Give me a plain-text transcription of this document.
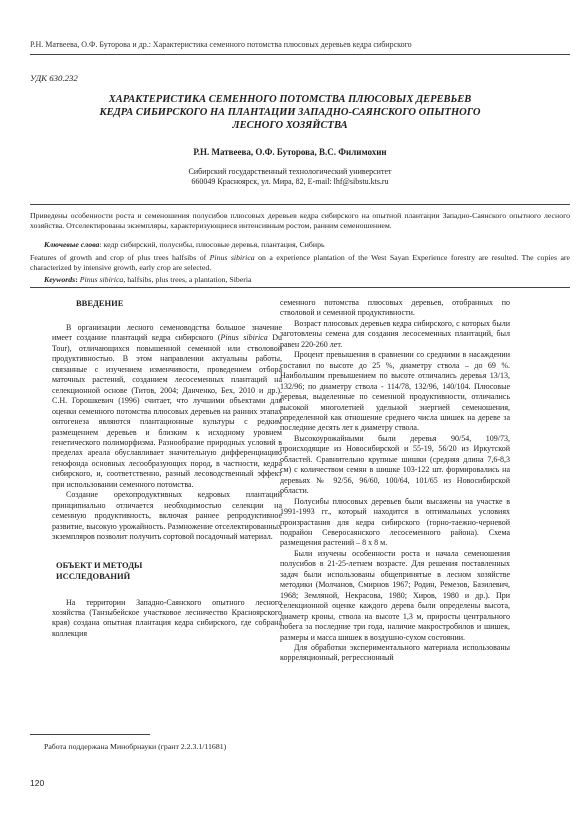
Р.Н. Матвеева, О.Ф. Буторова и др.: Характеристика семенного потомства плюсовых деревьев кедра сибирского
УДК 630.232
ХАРАКТЕРИСТИКА СЕМЕННОГО ПОТОМСТВА ПЛЮСОВЫХ ДЕРЕВЬЕВ
КЕДРА СИБИРСКОГО НА ПЛАНТАЦИИ ЗАПАДНО-САЯНСКОГО ОПЫТНОГО
ЛЕСНОГО ХОЗЯЙСТВА
Р.Н. Матвеева, О.Ф. Буторова, В.С. Филимохин
Сибирский государственный технологический университет
660049 Красноярск, ул. Мира, 82, E-mail: lhf@sibstu.kts.ru

Приведены особенности роста и семеношения полусибов плюсовых деревьев кедра сибирского на опытной плантации Западно-Саянского опытного лесного хозяйства. Отселектированы экземпляры, характеризующиеся интенсивным ростом, ранним семеношением.

Ключевые слова: кедр сибирский, полусибы, плюсовые деревья, плантация, Сибирь

Features of growth and crop of plus trees halfsibs of Pinus sibirica on a experience plantation of the West Sayan Experience forestry are resulted. The copies are characterized by intensive growth, early crop are selected.

Keywords: Pinus sibirica, halfsibs, plus trees, a plantation, Siberia

ВВЕДЕНИЕ

В организации лесного семеноводства большое значение имеет создание плантаций кедра сибирского (Pinus sibirica Du Tour), отличающихся повышенной семенной или стволовой продуктивностью. В этом направлении актуальны работы, связанные с изучением изменчивости, проведением отбора маточных растений, созданием лесосеменных плантаций на селекционной основе (Титов, 2004; Данченко, Бех, 2010 и др.). С.Н. Горошкевич (1996) считает, что лучшими объектами для оценки семенного потомства плюсовых деревьев на ранних этапах онтогенеза являются плантационные культуры с редким размещением деревьев и близким к исходному уровнем генетического полиморфизма. Разнообразие природных условий в пределах ареала обуславливает значительную дифференциацию генофонда основных лесообразующих пород, в частности, кедра сибирского, и, соответственно, разный лесоводственный эффект при использовании семенного потомства.

Создание орехопродуктивных кедровых плантаций принципиально отличается необходимостью селекции на семенную продуктивность, включая раннее репродуктивное развитие, высокую урожайность. Размножение отселектированных экземпляров позволит получить сортовой посадочный материал.

ОБЪЕКТ И МЕТОДЫ
ИССЛЕДОВАНИЙ

На территории Западно-Саянского опытного лесного хозяйства (Танзыбейское участковое лесничество Красноярского края) создана опытная плантация кедра сибирского, где собрана коллекция

семенного потомства плюсовых деревьев, отобранных по стволовой и семенной продуктивности.

Возраст плюсовых деревьев кедра сибирского, с которых были заготовлены семена для создания лесосеменных плантаций, был равен 220-260 лет.

Процент превышения в сравнении со средними в насаждении составил по высоте до 25 %, диаметру ствола – до 69 %. Наибольшим превышением по высоте отличались деревья 13/13, 132/96; по диаметру ствола - 114/78, 132/96, 140/104. Плюсовые деревья, выделенные по семенной продуктивности, отличались высокой многолетней удельной энергией семеношения, определенной как отношение среднего числа шишек на дереве за последние десять лет к диаметру ствола.

Высокоурожайными были деревья 90/54, 109/73, происходящие из Новосибирской и 55-19, 56/20 из Иркутской областей. Сравнительно крупные шишки (средняя длина 7,6-8,3 см) с количеством семян в шишке 103-122 шт. формировались на деревьях № 92/56, 96/60, 100/64, 101/65 из Новосибирской области.

Полусибы плюсовых деревьев были высажены на участке в 1991-1993 гг., который находится в оптимальных условиях произрастания для кедра сибирского (горно-таежно-черневой подрайон Северосаянского лесосеменного района). Схема размещения растений – 8 х 8 м.

Были изучены особенности роста и начала семеношения полусибов в 21-25-летнем возрасте. Для решения поставленных задач были использованы общепринятые в лесном хозяйстве методики (Молчанов, Смирнов 1967; Родин, Ремезов, Базилевич, 1968; Земляной, Некрасова, 1980; Хиров, 1980 и др.). При селекционной оценке каждого дерева были определены высота, диаметр кроны, ствола на высоте 1,3 м, приросты центрального побега за последние три года, наличие макростробилов и шишек, размеры и масса шишек в воздушно-сухом состоянии.

Для обработки экспериментального материала использованы корреляционный, регрессионный

Работа поддержана Минобрнауки (грант 2.2.3.1/11681)
120
